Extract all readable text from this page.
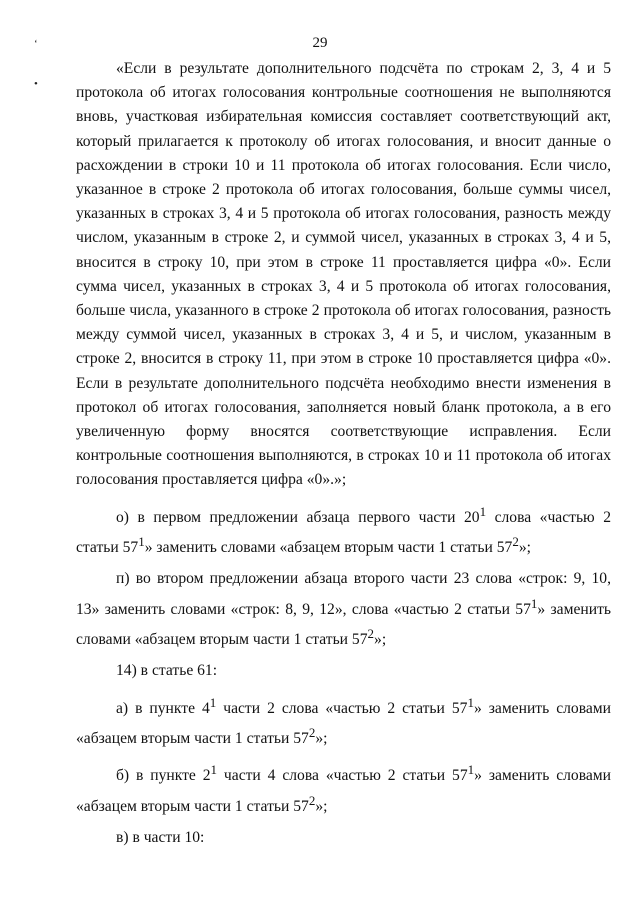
29
‘
•

«Если в результате дополнительного подсчёта по строкам 2, 3, 4 и 5 протокола об итогах голосования контрольные соотношения не выполняются вновь, участковая избирательная комиссия составляет соответствующий акт, который прилагается к протоколу об итогах голосования, и вносит данные о расхождении в строки 10 и 11 протокола об итогах голосования. Если число, указанное в строке 2 протокола об итогах голосования, больше суммы чисел, указанных в строках 3, 4 и 5 протокола об итогах голосования, разность между числом, указанным в строке 2, и суммой чисел, указанных в строках 3, 4 и 5, вносится в строку 10, при этом в строке 11 проставляется цифра «0». Если сумма чисел, указанных в строках 3, 4 и 5 протокола об итогах голосования, больше числа, указанного в строке 2 протокола об итогах голосования, разность между суммой чисел, указанных в строках 3, 4 и 5, и числом, указанным в строке 2, вносится в строку 11, при этом в строке 10 проставляется цифра «0». Если в результате дополнительного подсчёта необходимо внести изменения в протокол об итогах голосования, заполняется новый бланк протокола, а в его увеличенную форму вносятся соответствующие исправления. Если контрольные соотношения выполняются, в строках 10 и 11 протокола об итогах голосования проставляется цифра «0».»;

о) в первом предложении абзаца первого части $20^1$ слова «частью 2 статьи $57^1$» заменить словами «абзацем вторым части 1 статьи $57^2$»;

п) во втором предложении абзаца второго части 23 слова «строк: 9, 10, 13» заменить словами «строк: 8, 9, 12», слова «частью 2 статьи $57^1$» заменить словами «абзацем вторым части 1 статьи $57^2$»;

14) в статье 61:

а) в пункте $4^1$ части 2 слова «частью 2 статьи $57^1$» заменить словами «абзацем вторым части 1 статьи $57^2$»;

б) в пункте $2^1$ части 4 слова «частью 2 статьи $57^1$» заменить словами «абзацем вторым части 1 статьи $57^2$»;

в) в части 10:
